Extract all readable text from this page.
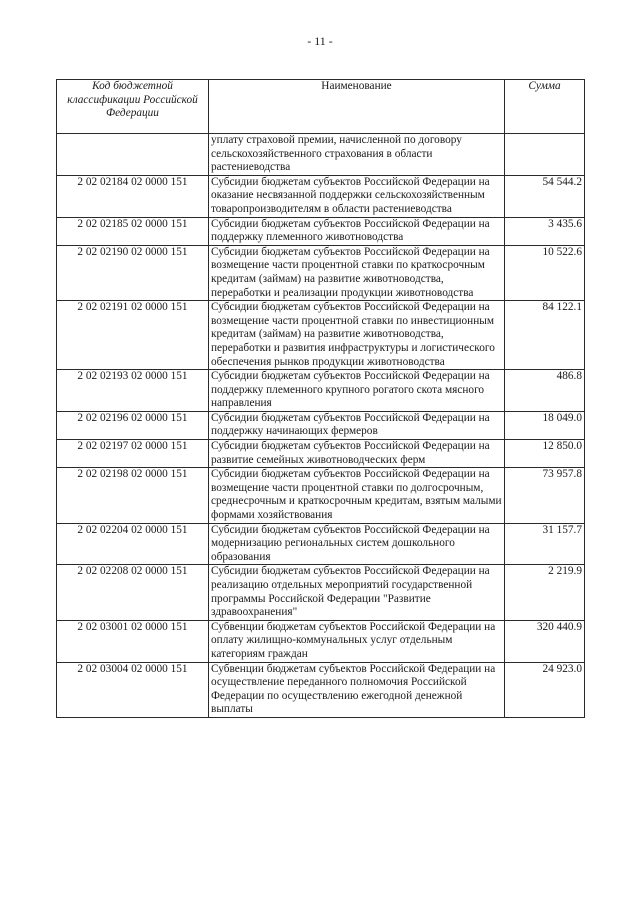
- 11 -
Код бюджетной классификации Российской Федерации	Наименование	Сумма
	уплату страховой премии, начисленной по договору сельскохозяйственного страхования в области растениеводства	
2 02 02184 02 0000 151	Субсидии бюджетам субъектов Российской Федерации на оказание несвязанной поддержки сельскохозяйственным товаропроизводителям в области растениеводства	54 544.2
2 02 02185 02 0000 151	Субсидии бюджетам субъектов Российской Федерации на поддержку племенного животноводства	3 435.6
2 02 02190 02 0000 151	Субсидии бюджетам субъектов Российской Федерации на возмещение части процентной ставки по краткосрочным кредитам (займам) на развитие животноводства, переработки и реализации продукции животноводства	10 522.6
2 02 02191 02 0000 151	Субсидии бюджетам субъектов Российской Федерации на возмещение части процентной ставки по инвестиционным кредитам (займам) на развитие животноводства, переработки и развития инфраструктуры и логистического обеспечения рынков продукции животноводства	84 122.1
2 02 02193 02 0000 151	Субсидии бюджетам субъектов Российской Федерации на поддержку племенного крупного рогатого скота мясного направления	486.8
2 02 02196 02 0000 151	Субсидии бюджетам субъектов Российской Федерации на поддержку начинающих фермеров	18 049.0
2 02 02197 02 0000 151	Субсидии бюджетам субъектов Российской Федерации на развитие семейных животноводческих ферм	12 850.0
2 02 02198 02 0000 151	Субсидии бюджетам субъектов Российской Федерации на возмещение части процентной ставки по долгосрочным, среднесрочным и краткосрочным кредитам, взятым малыми формами хозяйствования	73 957.8
2 02 02204 02 0000 151	Субсидии бюджетам субъектов Российской Федерации на модернизацию региональных систем дошкольного образования	31 157.7
2 02 02208 02 0000 151	Субсидии бюджетам субъектов Российской Федерации на реализацию отдельных мероприятий государственной программы Российской Федерации "Развитие здравоохранения"	2 219.9
2 02 03001 02 0000 151	Субвенции бюджетам субъектов Российской Федерации на оплату жилищно-коммунальных услуг отдельным категориям граждан	320 440.9
2 02 03004 02 0000 151	Субвенции бюджетам субъектов Российской Федерации на осуществление переданного полномочия Российской Федерации по осуществлению ежегодной денежной выплаты	24 923.0
